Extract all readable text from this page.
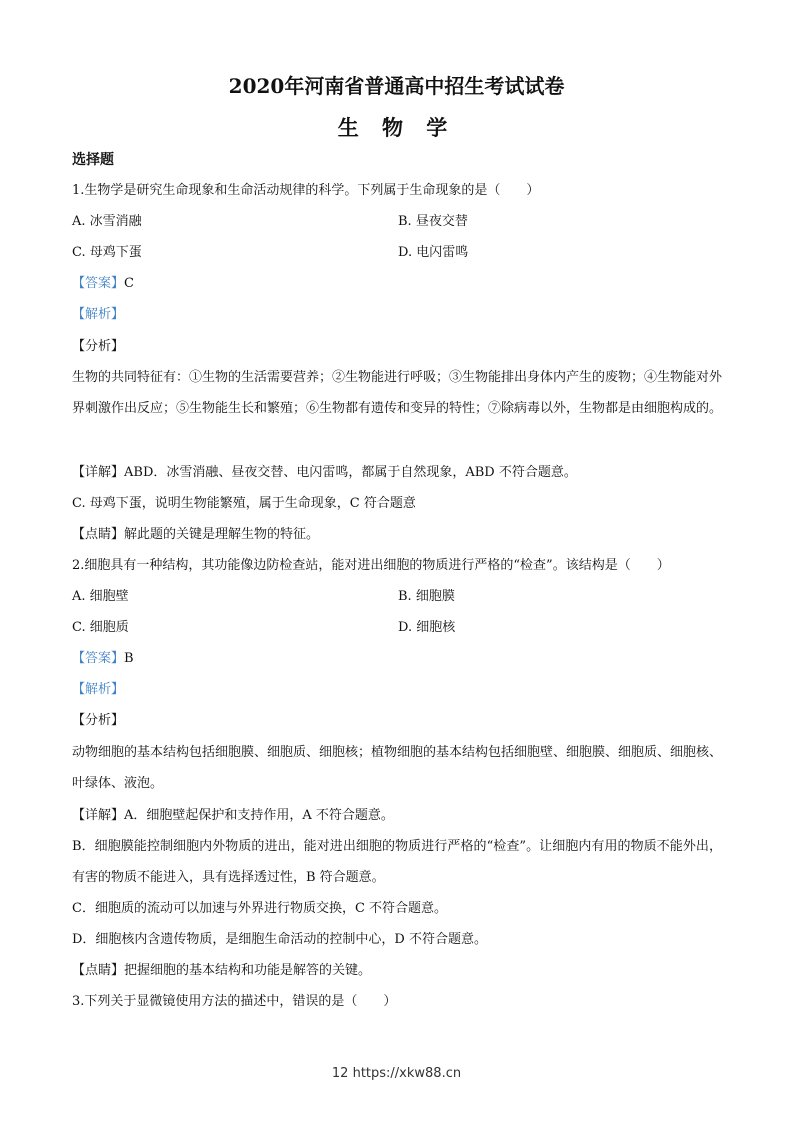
2020年河南省普通高中招生考试试卷
生 物 学
选择题
1.生物学是研究生命现象和生命活动规律的科学。下列属于生命现象的是（　　）
A. 冰雪消融	B. 昼夜交替
C. 母鸡下蛋	D. 电闪雷鸣
【答案】C
【解析】
【分析】
生物的共同特征有：①生物的生活需要营养；②生物能进行呼吸；③生物能排出身体内产生的废物；④生物能对外界刺激作出反应；⑤生物能生长和繁殖；⑥生物都有遗传和变异的特性；⑦除病毒以外，生物都是由细胞构成的。
【详解】ABD．冰雪消融、昼夜交替、电闪雷鸣，都属于自然现象，ABD 不符合题意。
C. 母鸡下蛋，说明生物能繁殖，属于生命现象，C 符合题意
【点睛】解此题的关键是理解生物的特征。
2.细胞具有一种结构，其功能像边防检查站，能对进出细胞的物质进行严格的“检查”。该结构是（　　）
A. 细胞壁	B. 细胞膜
C. 细胞质	D. 细胞核
【答案】B
【解析】
【分析】
动物细胞的基本结构包括细胞膜、细胞质、细胞核；植物细胞的基本结构包括细胞壁、细胞膜、细胞质、细胞核、叶绿体、液泡。
【详解】A．细胞壁起保护和支持作用，A 不符合题意。
B．细胞膜能控制细胞内外物质的进出，能对进出细胞的物质进行严格的“检查”。让细胞内有用的物质不能外出，有害的物质不能进入，具有选择透过性，B 符合题意。
C．细胞质的流动可以加速与外界进行物质交换，C 不符合题意。
D．细胞核内含遗传物质，是细胞生命活动的控制中心，D 不符合题意。
【点睛】把握细胞的基本结构和功能是解答的关键。
3.下列关于显微镜使用方法的描述中，错误的是（　　）
12 https://xkw88.cn
